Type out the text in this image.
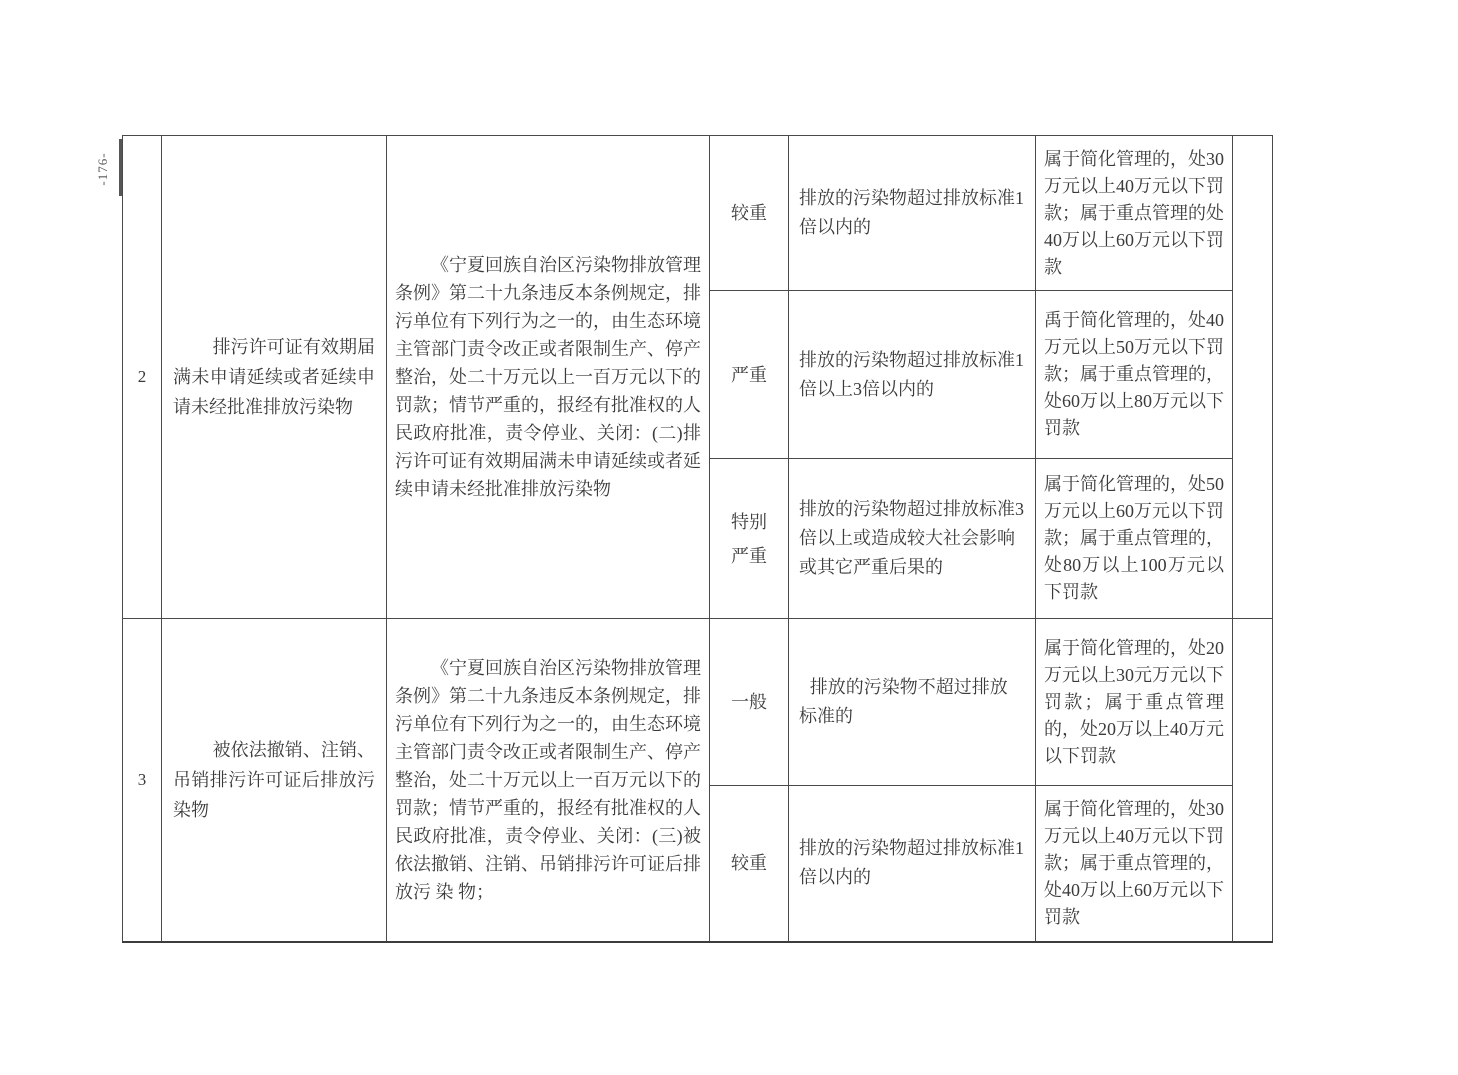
-176-
2	排污许可证有效期届满未申请延续或者延续申请未经批准排放污染物	《宁夏回族自治区污染物排放管理条例》第二十九条违反本条例规定，排污单位有下列行为之一的，由生态环境主管部门责令改正或者限制生产、停产整治，处二十万元以上一百万元以下的罚款；情节严重的，报经有批准权的人民政府批准，责令停业、关闭：(二)排污许可证有效期届满未申请延续或者延续申请未经批准排放污染物	较重	排放的污染物超过排放标准1倍以内的	属于简化管理的，处30万元以上40万元以下罚款；属于重点管理的处40万以上60万元以下罚款	

			严重	排放的污染物超过排放标准1倍以上3倍以内的	禹于简化管理的，处40万元以上50万元以下罚款；属于重点管理的，处60万以上80万元以下罚款	

			特别严重	排放的污染物超过排放标准3倍以上或造成较大社会影响或其它严重后果的	属于简化管理的，处50万元以上60万元以下罚款；属于重点管理的，处80万以上100万元以下罚款	

3	被依法撤销、注销、吊销排污许可证后排放污染物	《宁夏回族自治区污染物排放管理条例》第二十九条违反本条例规定，排污单位有下列行为之一的，由生态环境主管部门责令改正或者限制生产、停产整治，处二十万元以上一百万元以下的罚款；情节严重的，报经有批准权的人民政府批准，责令停业、关闭：(三)被依法撤销、注销、吊销排污许可证后排放污 染 物；	一般	排放的污染物不超过排放标准的	属于简化管理的，处20万元以上30元万元以下罚款；属于重点管理的，处20万以上40万元以下罚款	

			较重	排放的污染物超过排放标准1倍以内的	属于简化管理的，处30万元以上40万元以下罚款；属于重点管理的，处40万以上60万元以下罚款	
